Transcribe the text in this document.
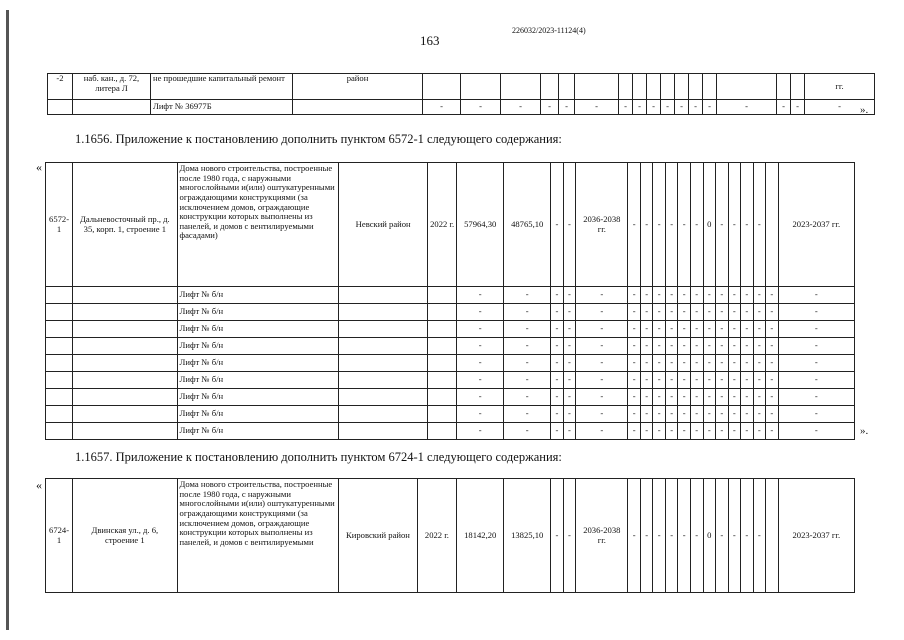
163
226032/2023-11124(4)
-2	наб. кан., д. 72, литера Л	не прошедшие капитальный ремонт	район																	гг.
		Лифт № 36977Б		-	-	-	-	-	-	-	-	-	-	-	-	-	-	-	-	- ».
1.1656. Приложение к постановлению дополнить пунктом 6572-1 следующего содержания:
«
6572-1	Дальневосточный пр., д. 35, корп. 1, строение 1	Дома нового строительства, построенные после 1980 года, с наружными многослойными и(или) оштукатуренными ограждающими конструкциями (за исключением домов, ограждающие конструкции которых выполнены из панелей, и домов с вентилируемыми фасадами)	Невский район	2022 г.	57964,30	48765,10	-	-	2036-2038 гг.	-	-	-	-	-	-	0	-	-	-	-		2023-2037 гг.
		Лифт № б/н			-	-	-	-	-	-	-	-	-	-	-	-	-	-	-	-	-	-
		Лифт № б/н			-	-	-	-	-	-	-	-	-	-	-	-	-	-	-	-	-	-
		Лифт № б/н			-	-	-	-	-	-	-	-	-	-	-	-	-	-	-	-	-	-
		Лифт № б/н			-	-	-	-	-	-	-	-	-	-	-	-	-	-	-	-	-	-
		Лифт № б/н			-	-	-	-	-	-	-	-	-	-	-	-	-	-	-	-	-	-
		Лифт № б/н			-	-	-	-	-	-	-	-	-	-	-	-	-	-	-	-	-	-
		Лифт № б/н			-	-	-	-	-	-	-	-	-	-	-	-	-	-	-	-	-	-
		Лифт № б/н			-	-	-	-	-	-	-	-	-	-	-	-	-	-	-	-	-	-
		Лифт № б/н			-	-	-	-	-	-	-	-	-	-	-	-	-	-	-	-	-	-	».
1.1657. Приложение к постановлению дополнить пунктом 6724-1 следующего содержания:
«
6724-1	Двинская ул., д. 6, строение 1	Дома нового строительства, построенные после 1980 года, с наружными многослойными и(или) оштукатуренными ограждающими конструкциями (за исключением домов, ограждающие конструкции которых выполнены из панелей, и домов с вентилируемыми	Кировский район	2022 г.	18142,20	13825,10	-	-	2036-2038 гг.	-	-	-	-	-	-	0	-	-	-	-		2023-2037 гг.
